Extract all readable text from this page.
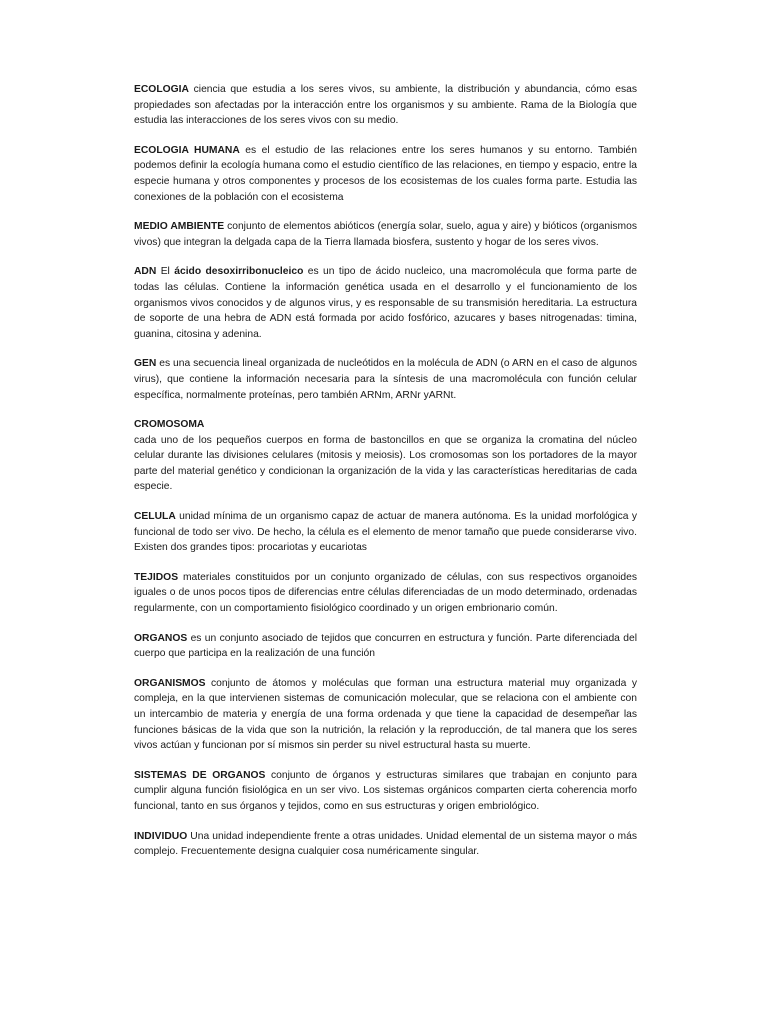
ECOLOGIA ciencia que estudia a los seres vivos, su ambiente, la distribución y abundancia, cómo esas propiedades son afectadas por la interacción entre los organismos y su ambiente. Rama de la Biología que estudia las interacciones de los seres vivos con su medio.

ECOLOGIA HUMANA es el estudio de las relaciones entre los seres humanos y su entorno. También podemos definir la ecología humana como el estudio científico de las relaciones, en tiempo y espacio, entre la especie humana y otros componentes y procesos de los ecosistemas de los cuales forma parte. Estudia las conexiones de la población con el ecosistema

MEDIO AMBIENTE conjunto de elementos abióticos (energía solar, suelo, agua y aire) y bióticos (organismos vivos) que integran la delgada capa de la Tierra llamada biosfera, sustento y hogar de los seres vivos.

ADN El ácido desoxirribonucleico es un tipo de ácido nucleico, una macromolécula que forma parte de todas las células. Contiene la información genética usada en el desarrollo y el funcionamiento de los organismos vivos conocidos y de algunos virus, y es responsable de su transmisión hereditaria. La estructura de soporte de una hebra de ADN está formada por acido fosfórico, azucares y bases nitrogenadas: timina, guanina, citosina y adenina.

GEN es una secuencia lineal organizada de nucleótidos en la molécula de ADN (o ARN en el caso de algunos virus), que contiene la información necesaria para la síntesis de una macromolécula con función celular específica, normalmente proteínas, pero también ARNm, ARNr yARNt.

CROMOSOMA
cada uno de los pequeños cuerpos en forma de bastoncillos en que se organiza la cromatina del núcleo celular durante las divisiones celulares (mitosis y meiosis). Los cromosomas son los portadores de la mayor parte del material genético y condicionan la organización de la vida y las características hereditarias de cada especie.

CELULA unidad mínima de un organismo capaz de actuar de manera autónoma. Es la unidad morfológica y funcional de todo ser vivo. De hecho, la célula es el elemento de menor tamaño que puede considerarse vivo. Existen dos grandes tipos: procariotas y eucariotas

TEJIDOS materiales constituidos por un conjunto organizado de células, con sus respectivos organoides iguales o de unos pocos tipos de diferencias entre células diferenciadas de un modo determinado, ordenadas regularmente, con un comportamiento fisiológico coordinado y un origen embrionario común.

ORGANOS es un conjunto asociado de tejidos que concurren en estructura y función. Parte diferenciada del cuerpo que participa en la realización de una función

ORGANISMOS conjunto de átomos y moléculas que forman una estructura material muy organizada y compleja, en la que intervienen sistemas de comunicación molecular, que se relaciona con el ambiente con un intercambio de materia y energía de una forma ordenada y que tiene la capacidad de desempeñar las funciones básicas de la vida que son la nutrición, la relación y la reproducción, de tal manera que los seres vivos actúan y funcionan por sí mismos sin perder su nivel estructural hasta su muerte.

SISTEMAS DE ORGANOS conjunto de órganos y estructuras similares que trabajan en conjunto para cumplir alguna función fisiológica en un ser vivo. Los sistemas orgánicos comparten cierta coherencia morfo funcional, tanto en sus órganos y tejidos, como en sus estructuras y origen embriológico.

INDIVIDUO Una unidad independiente frente a otras unidades. Unidad elemental de un sistema mayor o más complejo. Frecuentemente designa cualquier cosa numéricamente singular.
